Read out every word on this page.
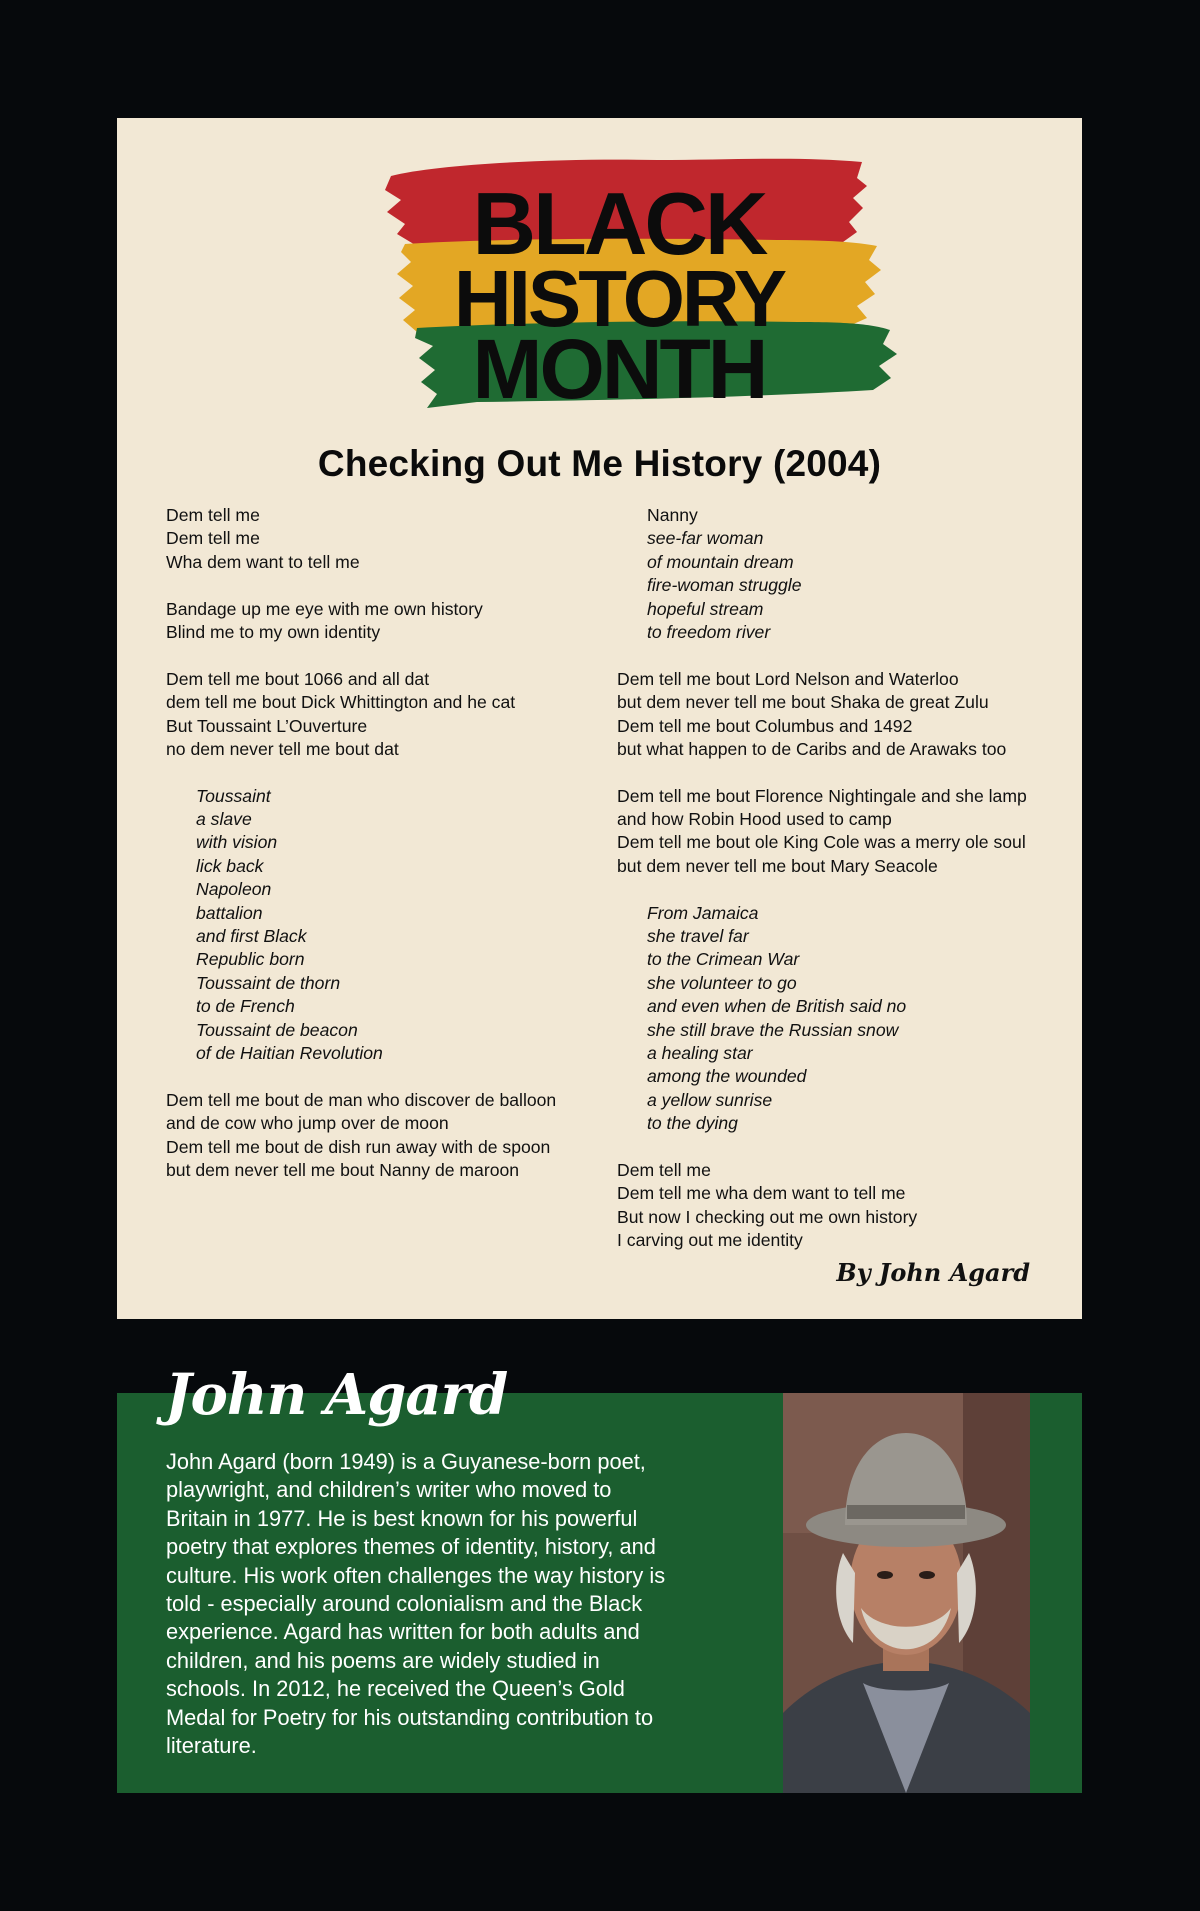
BLACK
HISTORY
MONTH
Checking Out Me History (2004)
Dem tell me
Dem tell me
Wha dem want to tell me
Bandage up me eye with me own history
Blind me to my own identity
Dem tell me bout 1066 and all dat
dem tell me bout Dick Whittington and he cat
But Toussaint L’Ouverture
no dem never tell me bout dat
Toussaint
a slave
with vision
lick back
Napoleon
battalion
and first Black
Republic born
Toussaint de thorn
to de French
Toussaint de beacon
of de Haitian Revolution
Dem tell me bout de man who discover de balloon
and de cow who jump over de moon
Dem tell me bout de dish run away with de spoon
but dem never tell me bout Nanny de maroon
Nanny
see-far woman
of mountain dream
fire-woman struggle
hopeful stream
to freedom river
Dem tell me bout Lord Nelson and Waterloo
but dem never tell me bout Shaka de great Zulu
Dem tell me bout Columbus and 1492
but what happen to de Caribs and de Arawaks too
Dem tell me bout Florence Nightingale and she lamp
and how Robin Hood used to camp
Dem tell me bout ole King Cole was a merry ole soul
but dem never tell me bout Mary Seacole
From Jamaica
she travel far
to the Crimean War
she volunteer to go
and even when de British said no
she still brave the Russian snow
a healing star
among the wounded
a yellow sunrise
to the dying
Dem tell me
Dem tell me wha dem want to tell me
But now I checking out me own history
I carving out me identity
By John Agard
John Agard
John Agard (born 1949) is a Guyanese-born poet, playwright, and children’s writer who moved to Britain in 1977. He is best known for his powerful poetry that explores themes of identity, history, and culture. His work often challenges the way history is told - especially around colonialism and the Black experience. Agard has written for both adults and children, and his poems are widely studied in schools. In 2012, he received the Queen’s Gold Medal for Poetry for his outstanding contribution to literature.
